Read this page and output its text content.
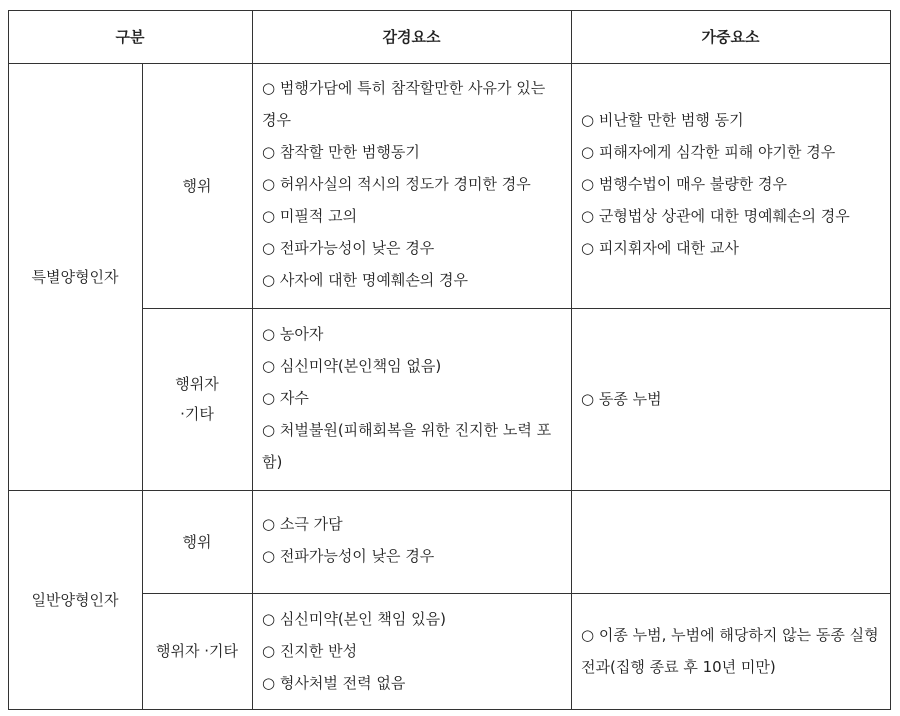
구분	감경요소	가중요소
특별양형인자
행위
○ 범행가담에 특히 참작할만한 사유가 있는 경우
○ 참작할 만한 범행동기
○ 허위사실의 적시의 정도가 경미한 경우
○ 미필적 고의
○ 전파가능성이 낮은 경우
○ 사자에 대한 명예훼손의 경우
○ 비난할 만한 범행 동기
○ 피해자에게 심각한 피해 야기한 경우
○ 범행수법이 매우 불량한 경우
○ 군형법상 상관에 대한 명예훼손의 경우
○ 피지휘자에 대한 교사
행위자
·기타
○ 농아자
○ 심신미약(본인책임 없음)
○ 자수
○ 처벌불원(피해회복을 위한 진지한 노력 포함)
○ 동종 누범
일반양형인자
행위
○ 소극 가담
○ 전파가능성이 낮은 경우
행위자 ·기타
○ 심신미약(본인 책임 있음)
○ 진지한 반성
○ 형사처벌 전력 없음
○ 이종 누범, 누범에 해당하지 않는 동종 실형 전과(집행 종료 후 10년 미만)
